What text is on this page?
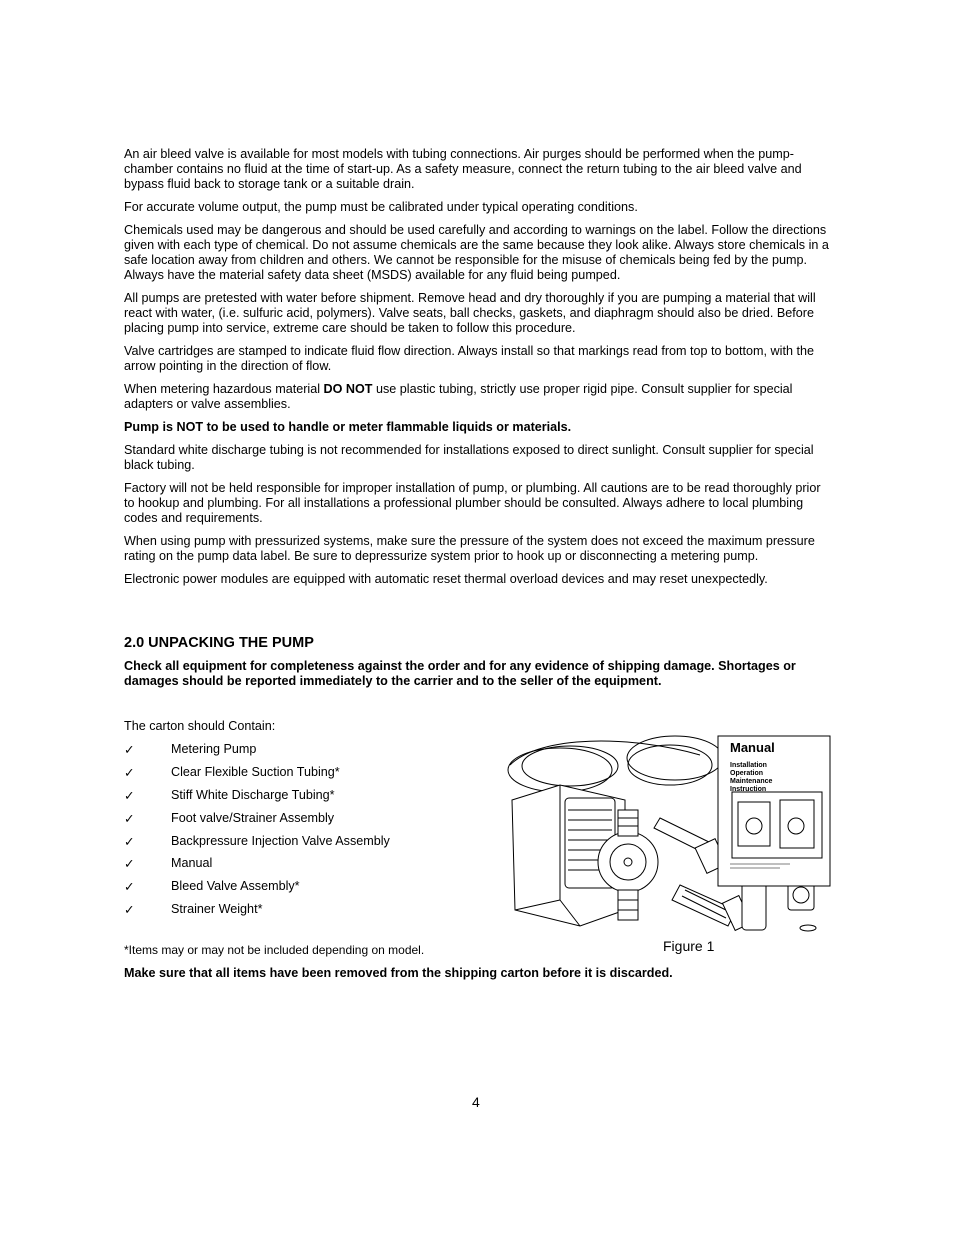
An air bleed valve is available for most models with tubing connections. Air purges should be performed when the pump-chamber contains no fluid at the time of start-up. As a safety measure, connect the return tubing to the air bleed valve and bypass fluid back to storage tank or a suitable drain.

For accurate volume output, the pump must be calibrated under typical operating conditions.

Chemicals used may be dangerous and should be used carefully and according to warnings on the label. Follow the directions given with each type of chemical. Do not assume chemicals are the same because they look alike. Always store chemicals in a safe location away from children and others. We cannot be responsible for the misuse of chemicals being fed by the pump. Always have the material safety data sheet (MSDS) available for any fluid being pumped.

All pumps are pretested with water before shipment. Remove head and dry thoroughly if you are pumping a material that will react with water, (i.e. sulfuric acid, polymers). Valve seats, ball checks, gaskets, and diaphragm should also be dried. Before placing pump into service, extreme care should be taken to follow this procedure.

Valve cartridges are stamped to indicate fluid flow direction. Always install so that markings read from top to bottom, with the arrow pointing in the direction of flow.

When metering hazardous material DO NOT use plastic tubing, strictly use proper rigid pipe. Consult supplier for special adapters or valve assemblies.

Pump is NOT to be used to handle or meter flammable liquids or materials.

Standard white discharge tubing is not recommended for installations exposed to direct sunlight. Consult supplier for special black tubing.

Factory will not be held responsible for improper installation of pump, or plumbing. All cautions are to be read thoroughly prior to hookup and plumbing. For all installations a professional plumber should be consulted. Always adhere to local plumbing codes and requirements.

When using pump with pressurized systems, make sure the pressure of the system does not exceed the maximum pressure rating on the pump data label. Be sure to depressurize system prior to hook up or disconnecting a metering pump.

Electronic power modules are equipped with automatic reset thermal overload devices and may reset unexpectedly.

2.0 UNPACKING THE PUMP

Check all equipment for completeness against the order and for any evidence of shipping damage. Shortages or damages should be reported immediately to the carrier and to the seller of the equipment.

The carton should Contain:

✓	Metering Pump
✓	Clear Flexible Suction Tubing*
✓	Stiff White Discharge Tubing*
✓	Foot valve/Strainer Assembly
✓	Backpressure Injection Valve Assembly
✓	Manual
✓	Bleed Valve Assembly*
✓	Strainer Weight*

*Items may or may not be included depending on model.

Make sure that all items have been removed from the shipping carton before it is discarded.

Manual
Installation
Operation
Maintenance
Instruction
Figure 1
4
